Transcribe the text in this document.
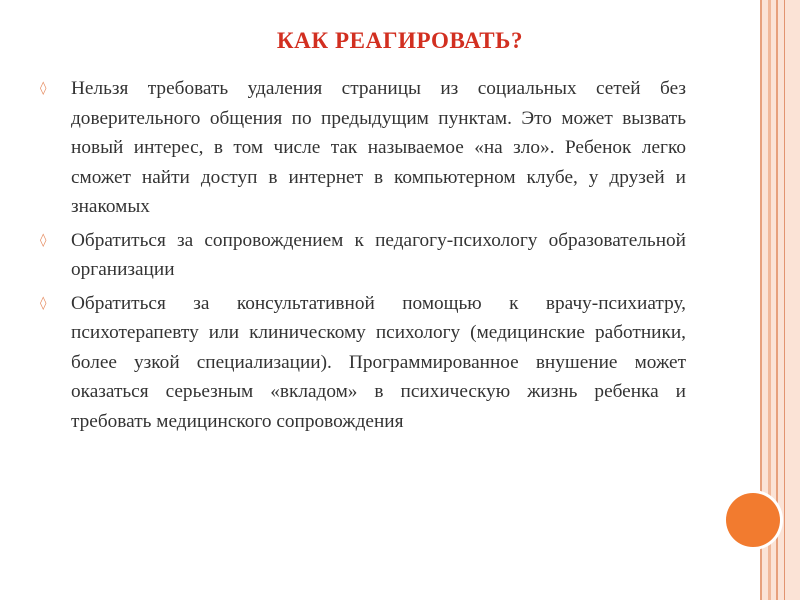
КАК РЕАГИРОВАТЬ?
◊ Нельзя требовать удаления страницы из социальных сетей без доверительного общения по предыдущим пунктам. Это может вызвать новый интерес, в том числе так называемое «на зло». Ребенок легко сможет найти доступ в интернет в компьютерном клубе, у друзей и знакомых
◊ Обратиться за сопровождением к педагогу-психологу образовательной организации
◊ Обратиться за консультативной помощью к врачу-психиатру, психотерапевту или клиническому психологу (медицинские работники, более узкой специализации). Программированное внушение может оказаться серьезным «вкладом» в психическую жизнь ребенка и требовать медицинского сопровождения
